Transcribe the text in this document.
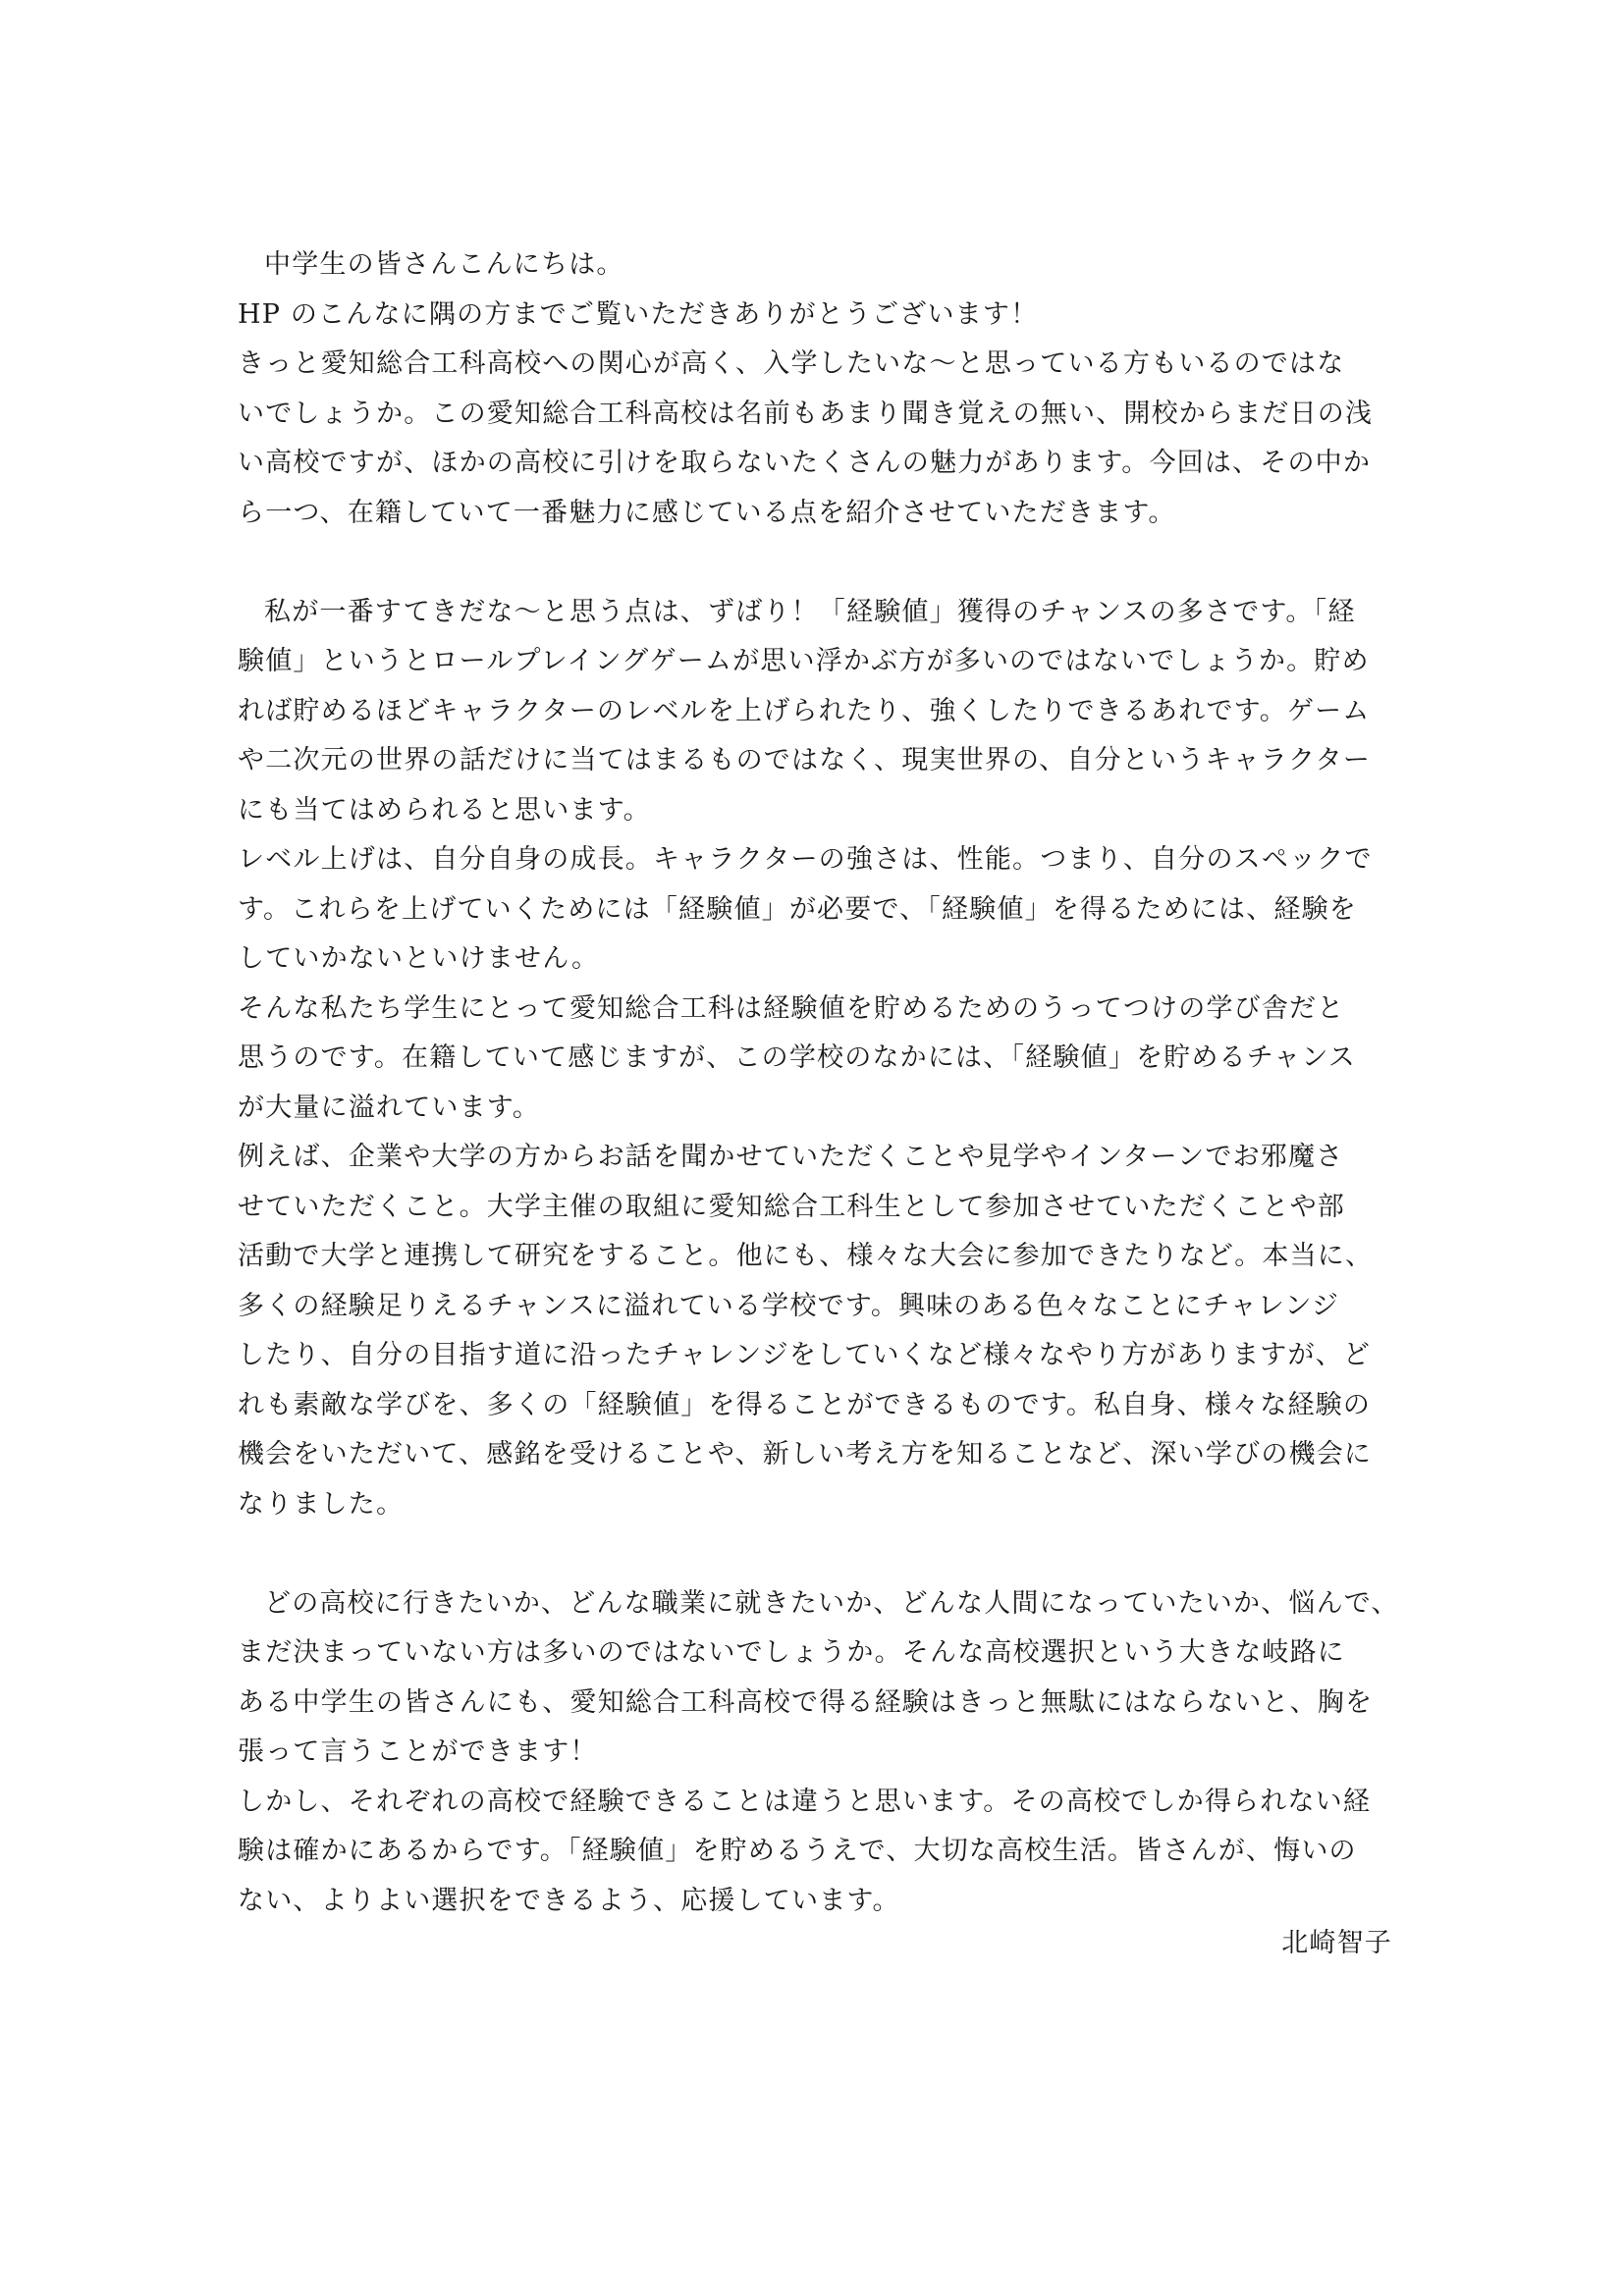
中学生の皆さんこんにちは。
HP のこんなに隅の方までご覧いただきありがとうございます！
きっと愛知総合工科高校への関心が高く、入学したいな〜と思っている方もいるのではな
いでしょうか。この愛知総合工科高校は名前もあまり聞き覚えの無い、開校からまだ日の浅
い高校ですが、ほかの高校に引けを取らないたくさんの魅力があります。今回は、その中か
ら一つ、在籍していて一番魅力に感じている点を紹介させていただきます。
私が一番すてきだな〜と思う点は、ずばり！「経験値」獲得のチャンスの多さです。「経
験値」というとロールプレイングゲームが思い浮かぶ方が多いのではないでしょうか。貯め
れば貯めるほどキャラクターのレベルを上げられたり、強くしたりできるあれです。ゲーム
や二次元の世界の話だけに当てはまるものではなく、現実世界の、自分というキャラクター
にも当てはめられると思います。
レベル上げは、自分自身の成長。キャラクターの強さは、性能。つまり、自分のスペックで
す。これらを上げていくためには「経験値」が必要で、「経験値」を得るためには、経験を
していかないといけません。
そんな私たち学生にとって愛知総合工科は経験値を貯めるためのうってつけの学び舎だと
思うのです。在籍していて感じますが、この学校のなかには、「経験値」を貯めるチャンス
が大量に溢れています。
例えば、企業や大学の方からお話を聞かせていただくことや見学やインターンでお邪魔さ
せていただくこと。大学主催の取組に愛知総合工科生として参加させていただくことや部
活動で大学と連携して研究をすること。他にも、様々な大会に参加できたりなど。本当に、
多くの経験足りえるチャンスに溢れている学校です。興味のある色々なことにチャレンジ
したり、自分の目指す道に沿ったチャレンジをしていくなど様々なやり方がありますが、ど
れも素敵な学びを、多くの「経験値」を得ることができるものです。私自身、様々な経験の
機会をいただいて、感銘を受けることや、新しい考え方を知ることなど、深い学びの機会に
なりました。
どの高校に行きたいか、どんな職業に就きたいか、どんな人間になっていたいか、悩んで、
まだ決まっていない方は多いのではないでしょうか。そんな高校選択という大きな岐路に
ある中学生の皆さんにも、愛知総合工科高校で得る経験はきっと無駄にはならないと、胸を
張って言うことができます！
しかし、それぞれの高校で経験できることは違うと思います。その高校でしか得られない経
験は確かにあるからです。「経験値」を貯めるうえで、大切な高校生活。皆さんが、悔いの
ない、よりよい選択をできるよう、応援しています。
北崎智子
